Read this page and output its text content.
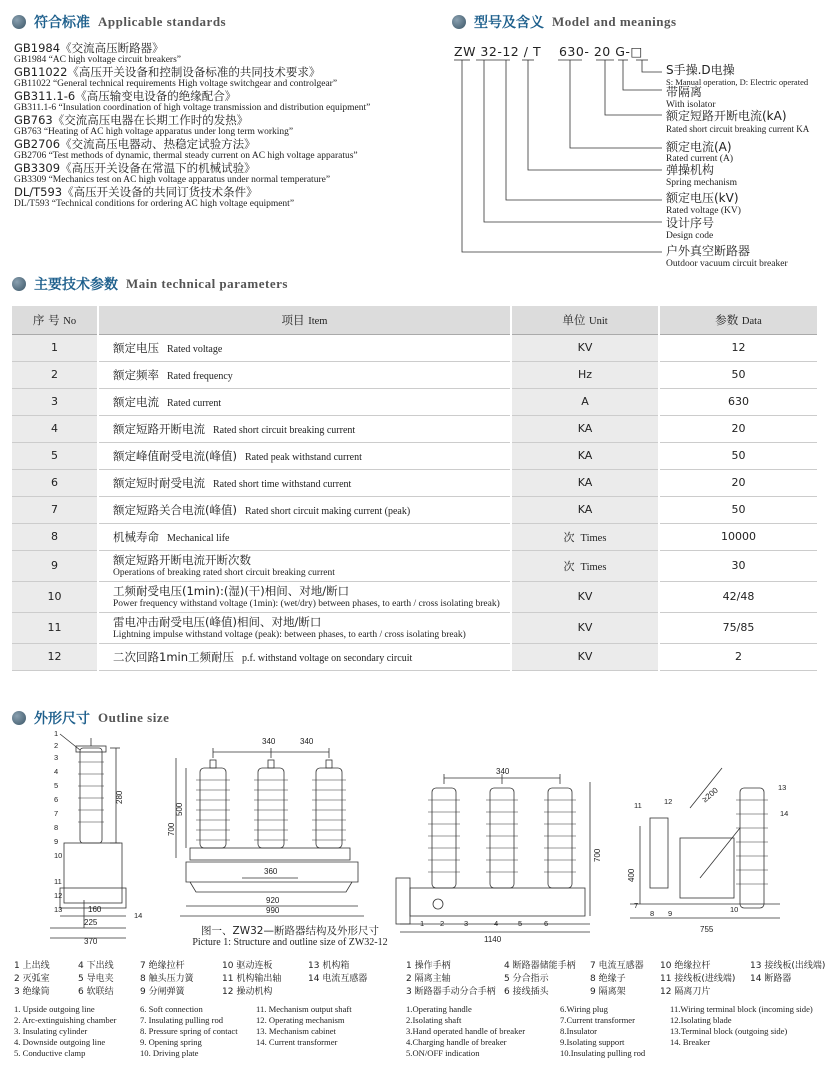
符合标准 Applicable standards	型号及含义 Model and meanings
主要技术参数 Main technical parameters
外形尺寸 Outline size
GB1984《交流高压断路器》
GB1984 “AC high voltage circuit breakers”
GB11022《高压开关设备和控制设备标准的共同技术要求》
GB11022 “General technical requirements High voltage switchgear and controlgear”
GB311.1-6《高压输变电设备的绝缘配合》
GB311.1-6 “Insulation coordination of high voltage transmission and distribution equipment”
GB763《交流高压电器在长期工作时的发热》
GB763 “Heating of AC high voltage apparatus under long term working”
GB2706《交流高压电器动、热稳定试验方法》
GB2706 “Test methods of dynamic, thermal steady current on AC high voltage apparatus”
GB3309《高压开关设备在常温下的机械试验》
GB3309 “Mechanics test on AC high voltage apparatus under normal temperature”
DL/T593《高压开关设备的共同订货技术条件》
DL/T593 “Technical conditions for ordering AC high voltage equipment”
ZW 32-12 / T 630- 20 G-□
S手操.D电操
S: Manual operation, D: Electric operated
带隔离
With isolator
额定短路开断电流(kA)
Rated short circuit breaking current KA
额定电流(A)
Rated current (A)
弹操机构
Spring mechanism
额定电压(kV)
Rated voltage (KV)
设计序号
Design code
户外真空断路器
Outdoor vacuum circuit breaker
序 号 No	项目 Item	单位 Unit	参数 Data
1	额定电压 Rated voltage	KV	12
2	额定频率 Rated frequency	Hz	50
3	额定电流 Rated current	A	630
4	额定短路开断电流 Rated short circuit breaking current	KA	20
5	额定峰值耐受电流(峰值) Rated peak withstand current	KA	50
6	额定短时耐受电流 Rated short time withstand current	KA	20
7	额定短路关合电流(峰值) Rated short circuit making current (peak)	KA	50
8	机械寿命 Mechanical life	次 Times	10000
9	额定短路开断电流开断次数
Operations of breaking rated short circuit breaking current	次 Times	30
10	工频耐受电压(1min):(湿)(干)相间、对地/断口
Power frequency withstand voltage (1min): (wet/dry) between phases, to earth / cross isolating break)	KV	42/48
11	雷电冲击耐受电压(峰值)相间、对地/断口
Lightning impulse withstand voltage (peak): between phases, to earth / cross isolating break)	KV	75/85
12	二次回路1min工频耐压 p.f. withstand voltage on secondary circuit	KV	2
340	340
500
700
360
920
990
280
160
225
370
340
700
1140
400
755
≥200
1
2
3
4
5
6
7
8
9
10
11
12
13
14
1 2	3	4	5	6
7
8 9	10
11	12
13
14
图一、ZW32—断路器结构及外形尺寸
Picture 1: Structure and outline size of ZW32-12
1 上出线	4 下出线	7 绝缘拉杆	10 驱动连板	13 机构箱
2 灭弧室	5 导电夹	8 触头压力簧	11 机构输出轴	14 电流互感器
3 绝缘筒	6 软联结	9 分闸弹簧	12 操动机构
1 操作手柄	4 断路器储能手柄 7 电流互感器 10 绝缘拉杆	13 接线板(出线端)
2 隔离主轴	5 分合指示	8 绝缘子	11 接线板(进线端) 14 断路器
3 断路器手动分合手柄 6 接线插头	9 隔离架	12 隔离刀片
1. Upside outgoing line	6. Soft connection	11. Mechanism output shaft
2. Arc-extinguishing chamber	7. Insulating pulling rod	12. Operating mechanism
3. Insulating cylinder	8. Pressure spring of contact 13. Mechanism cabinet
4. Downside outgoing line	9. Opening spring	14. Current transformer
5. Conductive clamp	10. Driving plate
1.Operating handle	6.Wiring plug	11.Wiring terminal block (incoming side)
2.Isolating shaft	7.Current transformer	12.Isolating blade
3.Hand operated handle of breaker	8.Insulator	13.Terminal block (outgoing side)
4.Charging handle of breaker	9.Isolating support	14. Breaker
5.ON/OFF indication	10.Insulating pulling rod
